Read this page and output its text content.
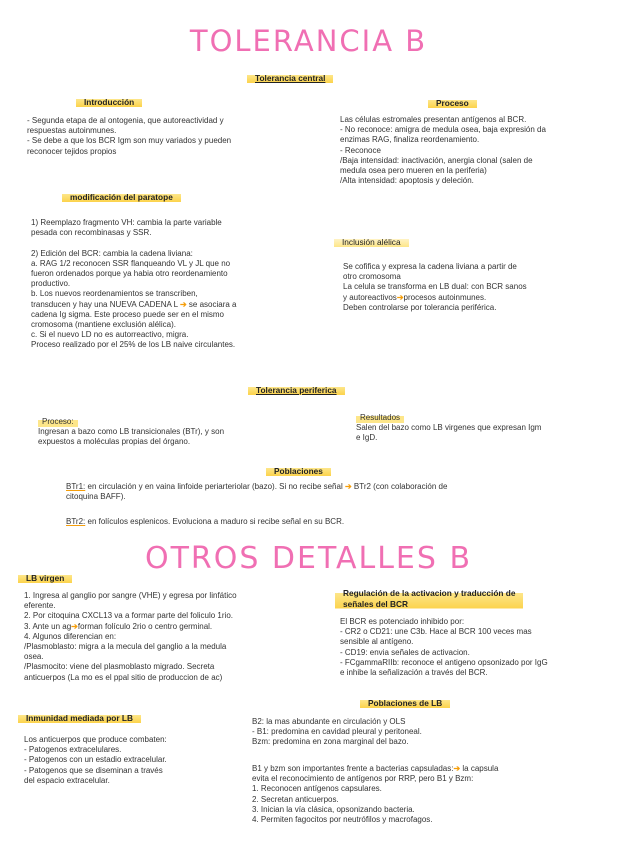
TOLERANCIA B
OTROS DETALLES B
Tolerancia central
Introducción	Proceso
modificación del paratope
Inclusión alélica
Tolerancia periferica
Poblaciones
LB virgen
Regulación de la activacion y traducción de
señales del BCR
Poblaciones de LB
Inmunidad mediada por LB

- Segunda etapa de al ontogenia, que autoreactividad y

respuestas autoinmunes.

- Se debe a que los BCR Igm son muy variados y pueden

reconocer tejidos propios

Las células estromales presentan antígenos al BCR.

- No reconoce: amigra de medula osea, baja expresión da

enzimas RAG, finaliza reordenamiento.

- Reconoce

/Baja intensidad: inactivación, anergia clonal (salen de

medula osea pero mueren en la periferia)

/Alta intensidad: apoptosis y deleción.

1) Reemplazo fragmento VH: cambia la parte variable

pesada con recombinasas y SSR.

2) Edición del BCR: cambia la cadena liviana:

a. RAG 1/2 reconocen SSR flanqueando VL y JL que no

fueron ordenados porque ya habia otro reordenamiento

productivo.

b. Los nuevos reordenamientos se transcriben,

transducen y hay una NUEVA CADENA L ➔ se asociara a

cadena Ig sigma. Este proceso puede ser en el mismo

cromosoma (mantiene exclusión alélica).

c. Si el nuevo LD no es autorreactivo, migra.

Proceso realizado por el 25% de los LB naive circulantes.

Se cofifica y expresa la cadena liviana a partir de

otro cromosoma

La celula se transforma en LB dual: con BCR sanos

y autoreactivos➔procesos autoinmunes.

Deben controlarse por tolerancia periférica.

Proceso:

Ingresan a bazo como LB transicionales (BTr), y son

expuestos a moléculas propias del órgano.

Resultados

Salen del bazo como LB virgenes que expresan Igm

e IgD.

BTr1: en circulación y en vaina linfoide periarteriolar (bazo). Si no recibe señal ➔ BTr2 (con colaboración de

citoquina BAFF).

BTr2: en folículos esplenicos. Evoluciona a maduro si recibe señal en su BCR.

1. Ingresa al ganglio por sangre (VHE) y egresa por linfático

eferente.

2. Por citoquina CXCL13 va a formar parte del foliculo 1rio.

3. Ante un ag➔forman folículo 2rio o centro germinal.

4. Algunos diferencian en:

/Plasmoblasto: migra a la mecula del ganglio a la medula

osea.

/Plasmocito: viene del plasmoblasto migrado. Secreta

anticuerpos (La mo es el ppal sitio de produccion de ac)

El BCR es potenciado inhibido por:

- CR2 o CD21: une C3b. Hace al BCR 100 veces mas

sensible al antígeno.

- CD19: envia señales de activacion.

- FCgammaRIIb: reconoce el antigeno opsonizado por IgG

e inhibe la señalización a través del BCR.

Los anticuerpos que produce combaten:

- Patogenos extracelulares.

- Patogenos con un estadio extracelular.

- Patogenos que se diseminan a través

del espacio extracelular.

B2: la mas abundante en circulación y OLS

- B1: predomina en cavidad pleural y peritoneal.

Bzm: predomina en zona marginal del bazo.

B1 y bzm son importantes frente a bacterias capsuladas:➔ la capsula

evita el reconocimiento de antígenos por RRP, pero B1 y Bzm:

1. Reconocen antígenos capsulares.

2. Secretan anticuerpos.

3. Inician la vía clásica, opsonizando bacteria.

4. Permiten fagocitos por neutrófilos y macrofagos.
